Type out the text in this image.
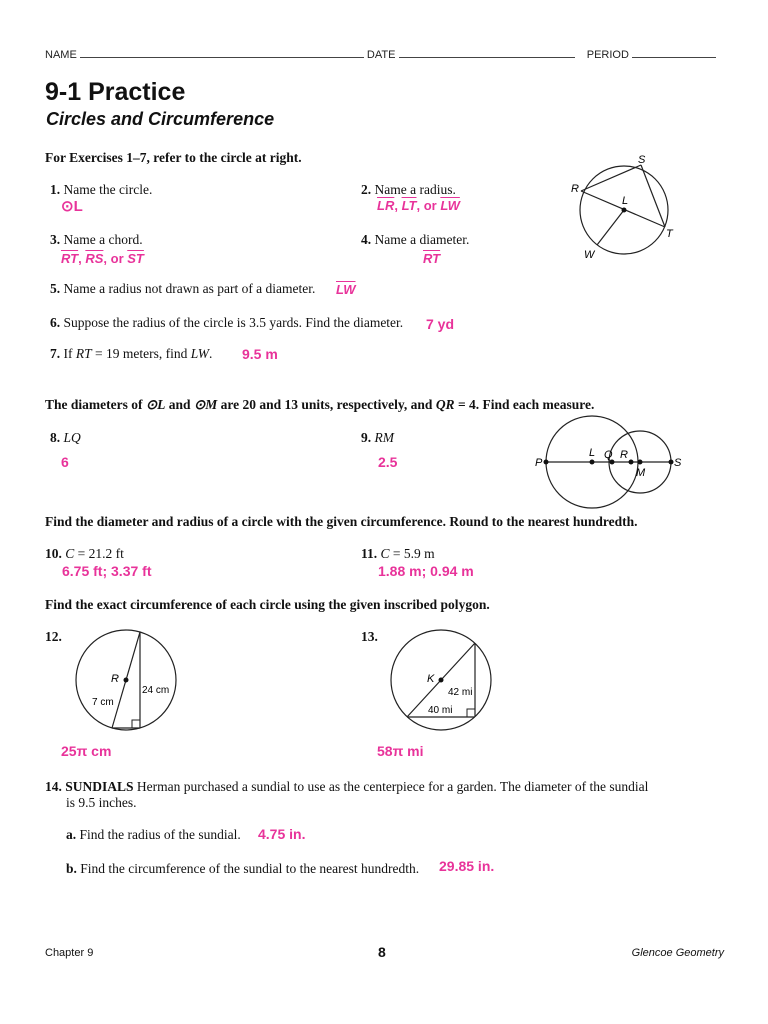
NAME	DATE	PERIOD
9-1 Practice
Circles and Circumference
For Exercises 1–7, refer to the circle at right.
1. Name the circle.
⊙L
2. Name a radius.
$\overline{LR}$, $\overline{LT}$, or $\overline{LW}$
3. Name a chord.
$\overline{RT}$, $\overline{RS}$, or $\overline{ST}$
4. Name a diameter.
$\overline{RT}$
5. Name a radius not drawn as part of a diameter. $\overline{LW}$
6. Suppose the radius of the circle is 3.5 yards. Find the diameter. 7 yd
7. If RT = 19 meters, find LW. 9.5 m
S
R
L
T
W
The diameters of ⊙L and ⊙M are 20 and 13 units, respectively, and QR = 4. Find each measure.
8. LQ
6
9. RM
2.5	P
L Q R
M
S
Find the diameter and radius of a circle with the given circumference. Round to the nearest hundredth.
10. C = 21.2 ft
6.75 ft; 3.37 ft
11. C = 5.9 m
1.88 m; 0.94 m
Find the exact circumference of each circle using the given inscribed polygon.
12.
R
24 cm
7 cm
25π cm
13.
K
42 mi
40 mi
58π mi
14. SUNDIALS Herman purchased a sundial to use as the centerpiece for a garden. The diameter of the sundial
is 9.5 inches.
a. Find the radius of the sundial. 4.75 in.
b. Find the circumference of the sundial to the nearest hundredth. 29.85 in.
Chapter 9	8	Glencoe Geometry
